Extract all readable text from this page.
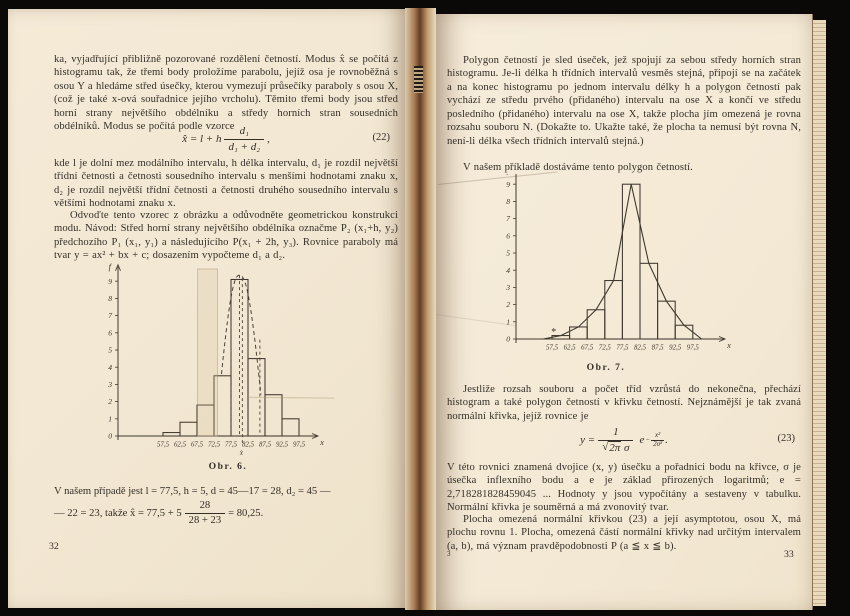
ka, vyjadřující přibližně pozorované rozdělení četností. Modus x̂ se počítá z histogramu tak, že třemi body proložíme parabolu, jejíž osa je rovnoběžná s osou Y a hledáme střed úsečky, kterou vymezují průsečíky paraboly s osou X, (což je také x-ová souřadnice jejího vrcholu). Těmito třemi body jsou střed horní strany největšího obdélníku a středy horních stran sousedních obdélníků. Modus se počítá podle vzorce
x̂ = l + h $\frac{\text{d₁}}{\text{d₁ + d₂}}$ ,	(22)
kde l je dolní mez modálního intervalu, h délka intervalu, d₁ je rozdíl největší třídní četnosti a četnosti sousedního intervalu s menšími hodnotami znaku x, d₂ je rozdíl největší třídní četnosti a četnosti druhého sousedního intervalu s většími hodnotami znaku x.
Odvoďte tento vzorec z obrázku a odůvodněte geometrickou konstrukci modu. Návod: Střed horní strany největšího obdélníka označme P₂ (x₁+h, y₂) předchozího P₁ (x₁, y₁) a následujícího P(x₁ + 2h, y₃). Rovnice paraboly má tvar y = ax² + bx + c; dosazením vypočteme d₁ a d₂.
f
0
1
2
3
4
5
6
7
8
9
x
57,5 62,5 67,5 72,5 77,5 82,5 87,5 92,5 97,5
x̂
Obr. 6.
V našem případě jest l = 77,5, h = 5, d = 45—17 = 28, d₂ = 45 —
— 22 = 23, takže x̂ = $77,5 + 5 \frac{28}{28 + 23} = 80,25$.
32
Polygon četností je sled úseček, jež spojují za sebou středy horních stran histogramu. Je-li délka h třídních intervalů vesměs stejná, připojí se na začátek a na konec histogramu po jednom intervalu délky h a polygon četností pak vychází ze středu prvého (přidaného) intervalu na ose X a končí ve středu posledního (přidaného) intervalu na ose X, takže plocha jím omezená je rovna rozsahu souboru N. (Dokažte to. Ukažte také, že plocha ta nemusí být rovna N, není-li délka všech třídních intervalů stejná.)
V našem příkladě dostáváme tento polygon četností.
0
1
2
3
4
5
6
7
8
9
x
57,5 62,5 67,5 72,5 77,5 82,5 87,5 92,5 97,5
*
Obr. 7.
Jestliže rozsah souboru a počet tříd vzrůstá do nekonečna, přechází histogram a také polygon četností v křivku četností. Nejznámější je tak zvaná normální křivka, jejíž rovnice je
$y = \frac{1}{\text{√2π σ}}$ $e - \frac{\text{x²}}{\text{2σ²}}$ .	(23)
V této rovnici znamená dvojice (x, y) úsečku a pořadnici bodu na křivce, σ je úsečka inflexního bodu a e je základ přirozených logaritmů; e = 2,718281828459045 ... Hodnoty y jsou vypočítány a sestaveny v tabulku. Normální křivka je souměrná a má zvonovitý tvar.
Plocha omezená normální křivkou (23) a její asymptotou, osou X, má plochu rovnu 1. Plocha, omezená částí normální křivky nad určitým intervalem (a, b), má význam pravděpodobnosti P (a ≦ x ≦ b).
3	33
